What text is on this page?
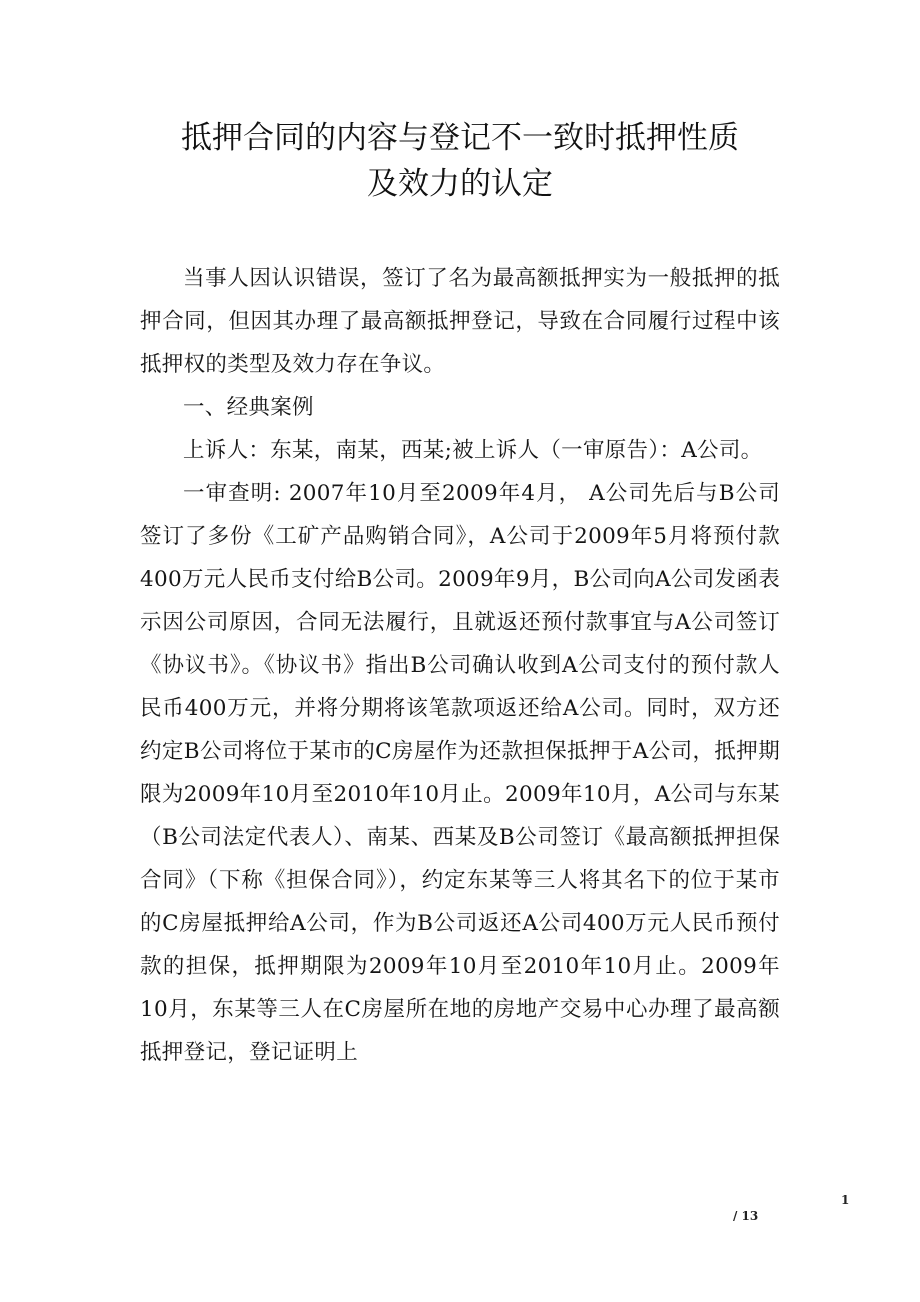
抵押合同的内容与登记不一致时抵押性质
及效力的认定

当事人因认识错误，签订了名为最高额抵押实为一般抵押的抵押合同，但因其办理了最高额抵押登记，导致在合同履行过程中该抵押权的类型及效力存在争议。

一、经典案例

上诉人：东某，南某，西某;被上诉人（一审原告）：A公司。

一审查明: 2007年10月至2009年4月， A公司先后与B公司签订了多份《工矿产品购销合同》，A公司于2009年5月将预付款400万元人民币支付给B公司。2009年9月，B公司向A公司发函表示因公司原因，合同无法履行，且就返还预付款事宜与A公司签订《协议书》。《协议书》指出B公司确认收到A公司支付的预付款人民币400万元，并将分期将该笔款项返还给A公司。同时，双方还约定B公司将位于某市的C房屋作为还款担保抵押于A公司，抵押期限为2009年10月至2010年10月止。2009年10月，A公司与东某（B公司法定代表人）、南某、西某及B公司签订《最高额抵押担保合同》（下称《担保合同》），约定东某等三人将其名下的位于某市的C房屋抵押给A公司，作为B公司返还A公司400万元人民币预付款的担保，抵押期限为2009年10月至2010年10月止。2009年10月，东某等三人在C房屋所在地的房地产交易中心办理了最高额抵押登记，登记证明上

1
/ 13
